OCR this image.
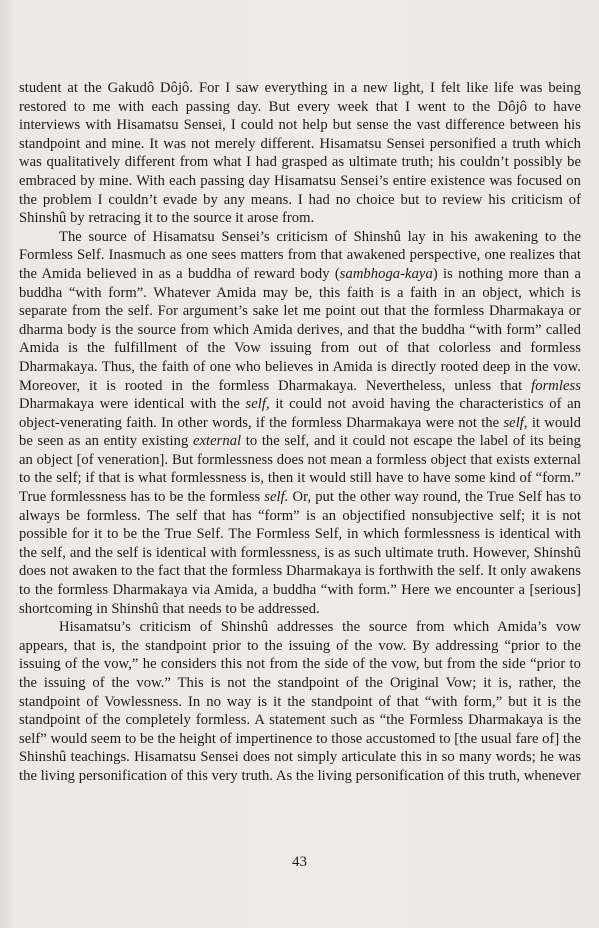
student at the Gakudô Dôjô. For I saw everything in a new light, I felt like life was being restored to me with each passing day. But every week that I went to the Dôjô to have interviews with Hisamatsu Sensei, I could not help but sense the vast difference between his standpoint and mine. It was not merely different. Hisamatsu Sensei personified a truth which was qualitatively different from what I had grasped as ultimate truth; his couldn’t possibly be embraced by mine. With each passing day Hisamatsu Sensei’s entire existence was focused on the problem I couldn’t evade by any means. I had no choice but to review his criticism of Shinshû by retracing it to the source it arose from.

The source of Hisamatsu Sensei’s criticism of Shinshû lay in his awakening to the Formless Self. Inasmuch as one sees matters from that awakened perspective, one realizes that the Amida believed in as a buddha of reward body (sambhoga-kaya) is nothing more than a buddha “with form”. Whatever Amida may be, this faith is a faith in an object, which is separate from the self. For argument’s sake let me point out that the formless Dharmakaya or dharma body is the source from which Amida derives, and that the buddha “with form” called Amida is the fulfillment of the Vow issuing from out of that colorless and formless Dharmakaya. Thus, the faith of one who believes in Amida is directly rooted deep in the vow. Moreover, it is rooted in the formless Dharmakaya. Nevertheless, unless that formless Dharmakaya were identical with the self, it could not avoid having the characteristics of an object-venerating faith. In other words, if the formless Dharmakaya were not the self, it would be seen as an entity existing external to the self, and it could not escape the label of its being an object [of veneration]. But formlessness does not mean a formless object that exists external to the self; if that is what formlessness is, then it would still have to have some kind of “form.” True formlessness has to be the formless self. Or, put the other way round, the True Self has to always be formless. The self that has “form” is an objectified nonsubjective self; it is not possible for it to be the True Self. The Formless Self, in which formlessness is identical with the self, and the self is identical with formlessness, is as such ultimate truth. However, Shinshû does not awaken to the fact that the formless Dharmakaya is forthwith the self. It only awakens to the formless Dharmakaya via Amida, a buddha “with form.” Here we encounter a [serious] shortcoming in Shinshû that needs to be addressed.

Hisamatsu’s criticism of Shinshû addresses the source from which Amida’s vow appears, that is, the standpoint prior to the issuing of the vow. By addressing “prior to the issuing of the vow,” he considers this not from the side of the vow, but from the side “prior to the issuing of the vow.” This is not the standpoint of the Original Vow; it is, rather, the standpoint of Vowlessness. In no way is it the standpoint of that “with form,” but it is the standpoint of the completely formless. A statement such as “the Formless Dharmakaya is the self” would seem to be the height of impertinence to those accustomed to [the usual fare of] the Shinshû teachings. Hisamatsu Sensei does not simply articulate this in so many words; he was the living personification of this very truth. As the living personification of this truth, whenever

43
